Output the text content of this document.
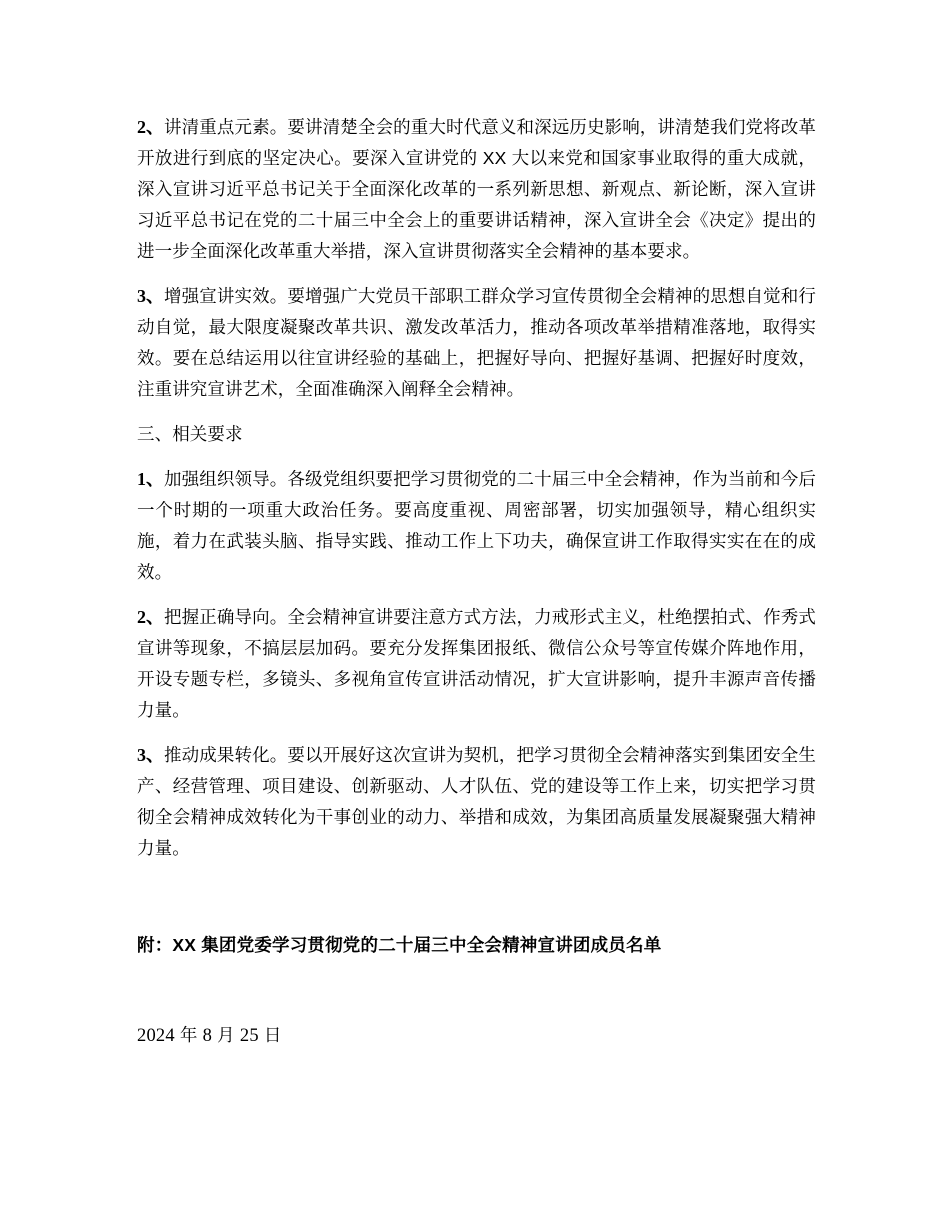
2、讲清重点元素。要讲清楚全会的重大时代意义和深远历史影响，讲清楚我们党将改革开放进行到底的坚定决心。要深入宣讲党的 XX 大以来党和国家事业取得的重大成就，深入宣讲习近平总书记关于全面深化改革的一系列新思想、新观点、新论断，深入宣讲习近平总书记在党的二十届三中全会上的重要讲话精神，深入宣讲全会《决定》提出的进一步全面深化改革重大举措，深入宣讲贯彻落实全会精神的基本要求。

3、增强宣讲实效。要增强广大党员干部职工群众学习宣传贯彻全会精神的思想自觉和行动自觉，最大限度凝聚改革共识、激发改革活力，推动各项改革举措精准落地，取得实效。要在总结运用以往宣讲经验的基础上，把握好导向、把握好基调、把握好时度效，注重讲究宣讲艺术，全面准确深入阐释全会精神。

三、相关要求

1、加强组织领导。各级党组织要把学习贯彻党的二十届三中全会精神，作为当前和今后一个时期的一项重大政治任务。要高度重视、周密部署，切实加强领导，精心组织实施，着力在武装头脑、指导实践、推动工作上下功夫，确保宣讲工作取得实实在在的成效。

2、把握正确导向。全会精神宣讲要注意方式方法，力戒形式主义，杜绝摆拍式、作秀式宣讲等现象，不搞层层加码。要充分发挥集团报纸、微信公众号等宣传媒介阵地作用，开设专题专栏，多镜头、多视角宣传宣讲活动情况，扩大宣讲影响，提升丰源声音传播力量。

3、推动成果转化。要以开展好这次宣讲为契机，把学习贯彻全会精神落实到集团安全生产、经营管理、项目建设、创新驱动、人才队伍、党的建设等工作上来，切实把学习贯彻全会精神成效转化为干事创业的动力、举措和成效，为集团高质量发展凝聚强大精神力量。

附：XX 集团党委学习贯彻党的二十届三中全会精神宣讲团成员名单

2024 年 8 月 25 日
